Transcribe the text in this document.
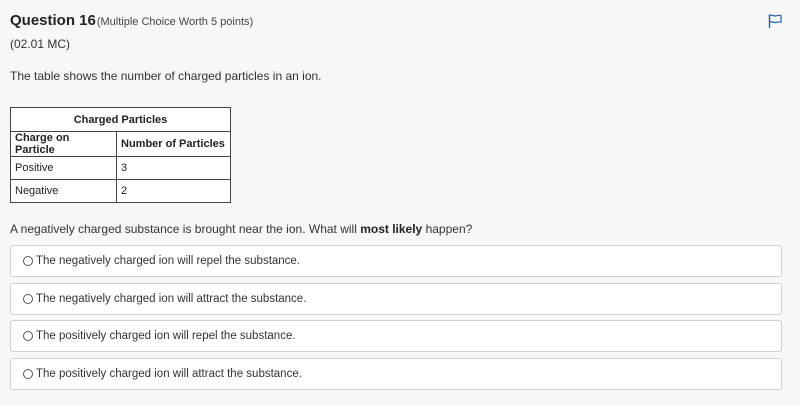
Question 16 (Multiple Choice Worth 5 points)
(02.01 MC)
The table shows the number of charged particles in an ion.
Charged Particles	
Charge on Particle	Number of Particles
Positive	3
Negative	2
A negatively charged substance is brought near the ion. What will most likely happen?
The negatively charged ion will repel the substance.
The negatively charged ion will attract the substance.
The positively charged ion will repel the substance.
The positively charged ion will attract the substance.
